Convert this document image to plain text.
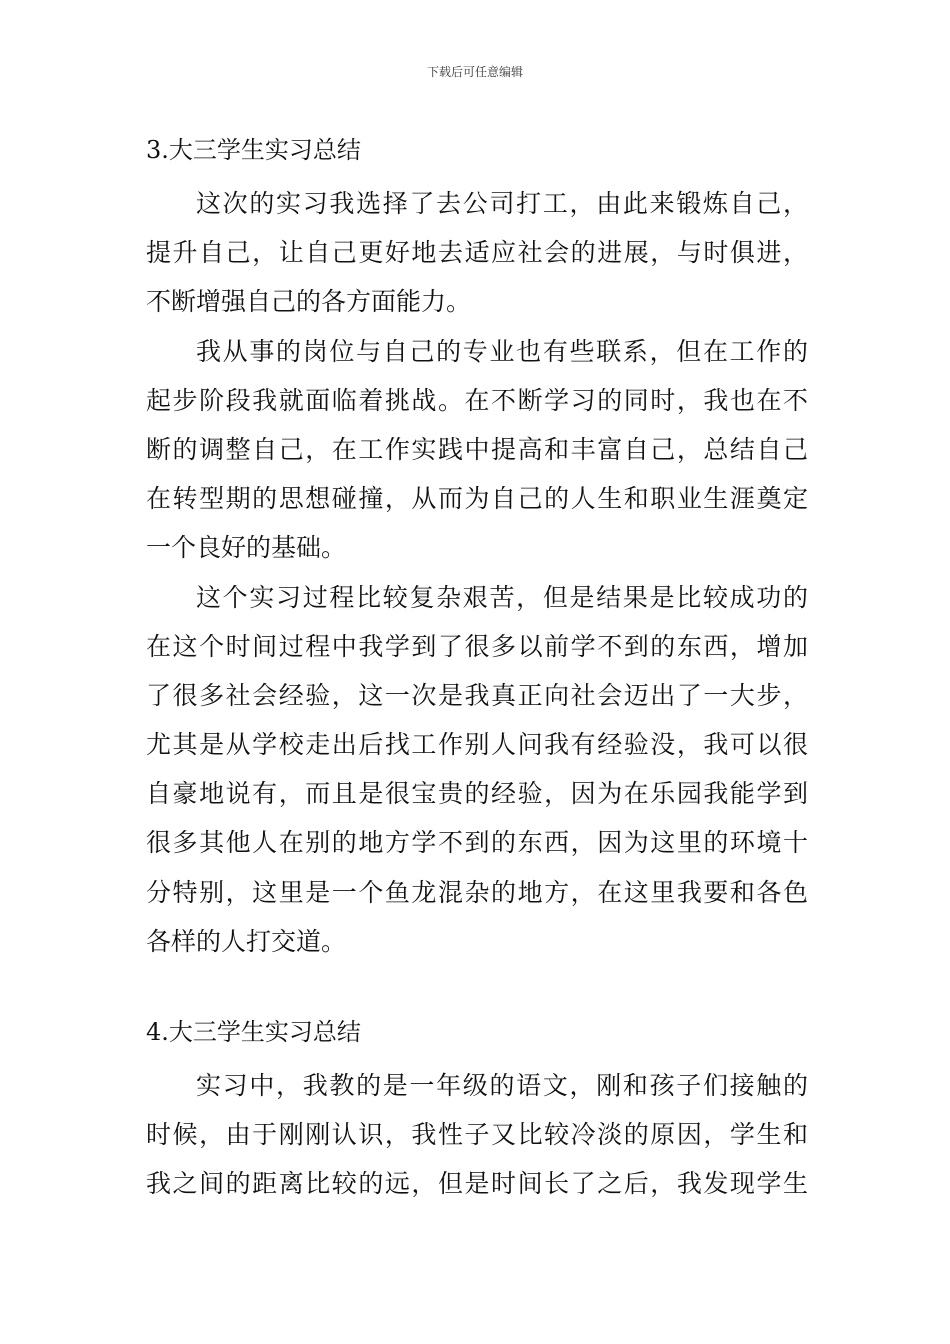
下载后可任意编辑
3.大三学生实习总结

这次的实习我选择了去公司打工，由此来锻炼自己，
提升自己，让自己更好地去适应社会的进展，与时俱进，
不断增强自己的各方面能力。

我从事的岗位与自己的专业也有些联系，但在工作的
起步阶段我就面临着挑战。在不断学习的同时，我也在不
断的调整自己，在工作实践中提高和丰富自己，总结自己
在转型期的思想碰撞，从而为自己的人生和职业生涯奠定
一个良好的基础。

这个实习过程比较复杂艰苦，但是结果是比较成功的
在这个时间过程中我学到了很多以前学不到的东西，增加
了很多社会经验，这一次是我真正向社会迈出了一大步，
尤其是从学校走出后找工作别人问我有经验没，我可以很
自豪地说有，而且是很宝贵的经验，因为在乐园我能学到
很多其他人在别的地方学不到的东西，因为这里的环境十
分特别，这里是一个鱼龙混杂的地方，在这里我要和各色
各样的人打交道。

4.大三学生实习总结

实习中，我教的是一年级的语文，刚和孩子们接触的
时候，由于刚刚认识，我性子又比较冷淡的原因，学生和
我之间的距离比较的远，但是时间长了之后，我发现学生
